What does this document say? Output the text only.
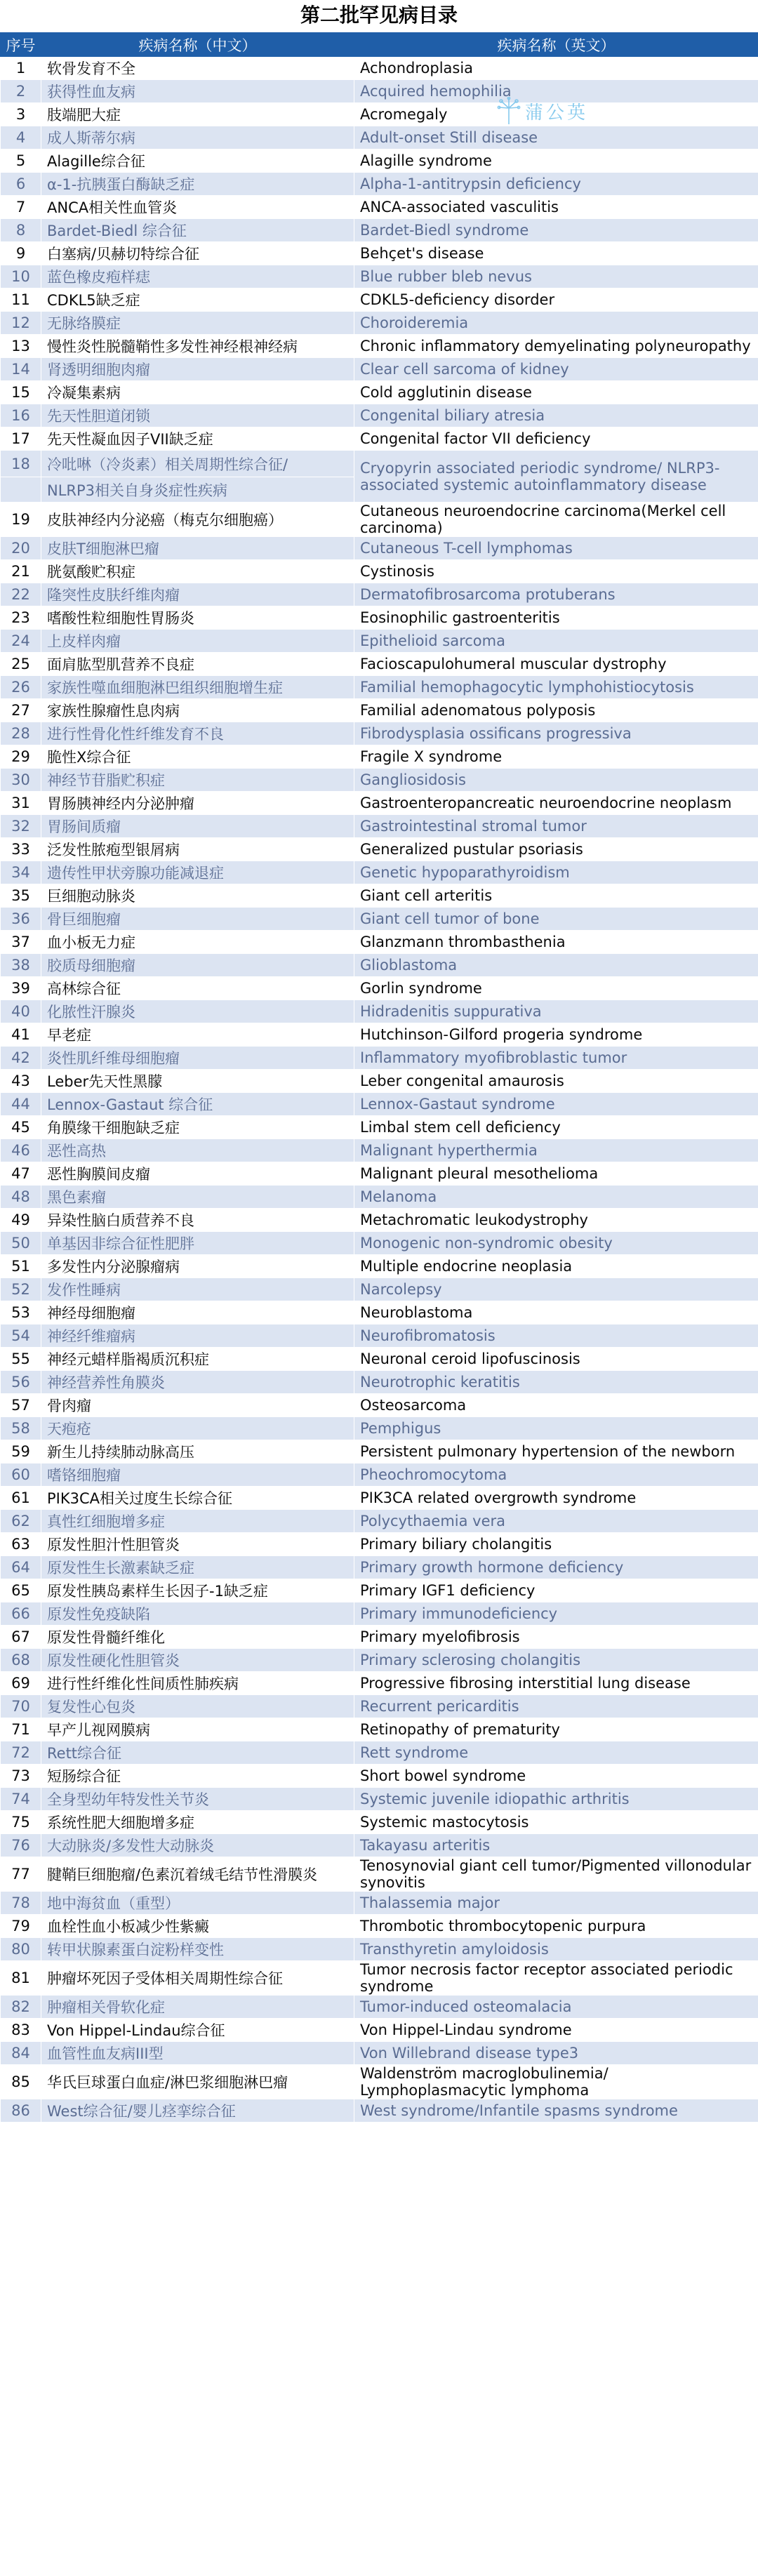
第二批罕见病目录
序号	疾病名称（中文）	疾病名称（英文）
1	软骨发育不全	Achondroplasia
2	获得性血友病	Acquired hemophilia
3	肢端肥大症	Acromegaly
4	成人斯蒂尔病	Adult-onset Still disease
5	Alagille综合征	Alagille syndrome
6	α-1-抗胰蛋白酶缺乏症	Alpha-1-antitrypsin deficiency
7	ANCA相关性血管炎	ANCA-associated vasculitis
8	Bardet-Biedl 综合征	Bardet-Biedl syndrome
9	白塞病/贝赫切特综合征	Behçet's disease
10	蓝色橡皮疱样痣	Blue rubber bleb nevus
11	CDKL5缺乏症	CDKL5-deficiency disorder
12	无脉络膜症	Choroideremia
13	慢性炎性脱髓鞘性多发性神经根神经病	Chronic inflammatory demyelinating polyneuropathy
14	肾透明细胞肉瘤	Clear cell sarcoma of kidney
15	冷凝集素病	Cold agglutinin disease
16	先天性胆道闭锁	Congenital biliary atresia
17	先天性凝血因子VII缺乏症	Congenital factor VII deficiency
18	冷吡啉（冷炎素）相关周期性综合征/	Cryopyrin associated periodic syndrome/ NLRP3-associated systemic autoinflammatory disease
	NLRP3相关自身炎症性疾病	
19	皮肤神经内分泌癌（梅克尔细胞癌）	Cutaneous neuroendocrine carcinoma(Merkel cell carcinoma)
20	皮肤T细胞淋巴瘤	Cutaneous T-cell lymphomas
21	胱氨酸贮积症	Cystinosis
22	隆突性皮肤纤维肉瘤	Dermatofibrosarcoma protuberans
23	嗜酸性粒细胞性胃肠炎	Eosinophilic gastroenteritis
24	上皮样肉瘤	Epithelioid sarcoma
25	面肩肱型肌营养不良症	Facioscapulohumeral muscular dystrophy
26	家族性噬血细胞淋巴组织细胞增生症	Familial hemophagocytic lymphohistiocytosis
27	家族性腺瘤性息肉病	Familial adenomatous polyposis
28	进行性骨化性纤维发育不良	Fibrodysplasia ossificans progressiva
29	脆性X综合征	Fragile X syndrome
30	神经节苷脂贮积症	Gangliosidosis
31	胃肠胰神经内分泌肿瘤	Gastroenteropancreatic neuroendocrine neoplasm
32	胃肠间质瘤	Gastrointestinal stromal tumor
33	泛发性脓疱型银屑病	Generalized pustular psoriasis
34	遗传性甲状旁腺功能减退症	Genetic hypoparathyroidism
35	巨细胞动脉炎	Giant cell arteritis
36	骨巨细胞瘤	Giant cell tumor of bone
37	血小板无力症	Glanzmann thrombasthenia
38	胶质母细胞瘤	Glioblastoma
39	高林综合征	Gorlin syndrome
40	化脓性汗腺炎	Hidradenitis suppurativa
41	早老症	Hutchinson-Gilford progeria syndrome
42	炎性肌纤维母细胞瘤	Inflammatory myofibroblastic tumor
43	Leber先天性黑朦	Leber congenital amaurosis
44	Lennox-Gastaut 综合征	Lennox-Gastaut syndrome
45	角膜缘干细胞缺乏症	Limbal stem cell deficiency
46	恶性高热	Malignant hyperthermia
47	恶性胸膜间皮瘤	Malignant pleural mesothelioma
48	黑色素瘤	Melanoma
49	异染性脑白质营养不良	Metachromatic leukodystrophy
50	单基因非综合征性肥胖	Monogenic non-syndromic obesity
51	多发性内分泌腺瘤病	Multiple endocrine neoplasia
52	发作性睡病	Narcolepsy
53	神经母细胞瘤	Neuroblastoma
54	神经纤维瘤病	Neurofibromatosis
55	神经元蜡样脂褐质沉积症	Neuronal ceroid lipofuscinosis
56	神经营养性角膜炎	Neurotrophic keratitis
57	骨肉瘤	Osteosarcoma
58	天疱疮	Pemphigus
59	新生儿持续肺动脉高压	Persistent pulmonary hypertension of the newborn
60	嗜铬细胞瘤	Pheochromocytoma
61	PIK3CA相关过度生长综合征	PIK3CA related overgrowth syndrome
62	真性红细胞增多症	Polycythaemia vera
63	原发性胆汁性胆管炎	Primary biliary cholangitis
64	原发性生长激素缺乏症	Primary growth hormone deficiency
65	原发性胰岛素样生长因子-1缺乏症	Primary IGF1 deficiency
66	原发性免疫缺陷	Primary immunodeficiency
67	原发性骨髓纤维化	Primary myelofibrosis
68	原发性硬化性胆管炎	Primary sclerosing cholangitis
69	进行性纤维化性间质性肺疾病	Progressive fibrosing interstitial lung disease
70	复发性心包炎	Recurrent pericarditis
71	早产儿视网膜病	Retinopathy of prematurity
72	Rett综合征	Rett syndrome
73	短肠综合征	Short bowel syndrome
74	全身型幼年特发性关节炎	Systemic juvenile idiopathic arthritis
75	系统性肥大细胞增多症	Systemic mastocytosis
76	大动脉炎/多发性大动脉炎	Takayasu arteritis
77	腱鞘巨细胞瘤/色素沉着绒毛结节性滑膜炎	Tenosynovial giant cell tumor/Pigmented villonodular synovitis
78	地中海贫血（重型）	Thalassemia major
79	血栓性血小板减少性紫癜	Thrombotic thrombocytopenic purpura
80	转甲状腺素蛋白淀粉样变性	Transthyretin amyloidosis
81	肿瘤坏死因子受体相关周期性综合征	Tumor necrosis factor receptor associated periodic syndrome
82	肿瘤相关骨软化症	Tumor-induced osteomalacia
83	Von Hippel-Lindau综合征	Von Hippel-Lindau syndrome
84	血管性血友病III型	Von Willebrand disease type3
85	华氏巨球蛋白血症/淋巴浆细胞淋巴瘤	Waldenström macroglobulinemia/ Lymphoplasmacytic lymphoma
86	West综合征/婴儿痉挛综合征	West syndrome/Infantile spasms syndrome
蒲公英
